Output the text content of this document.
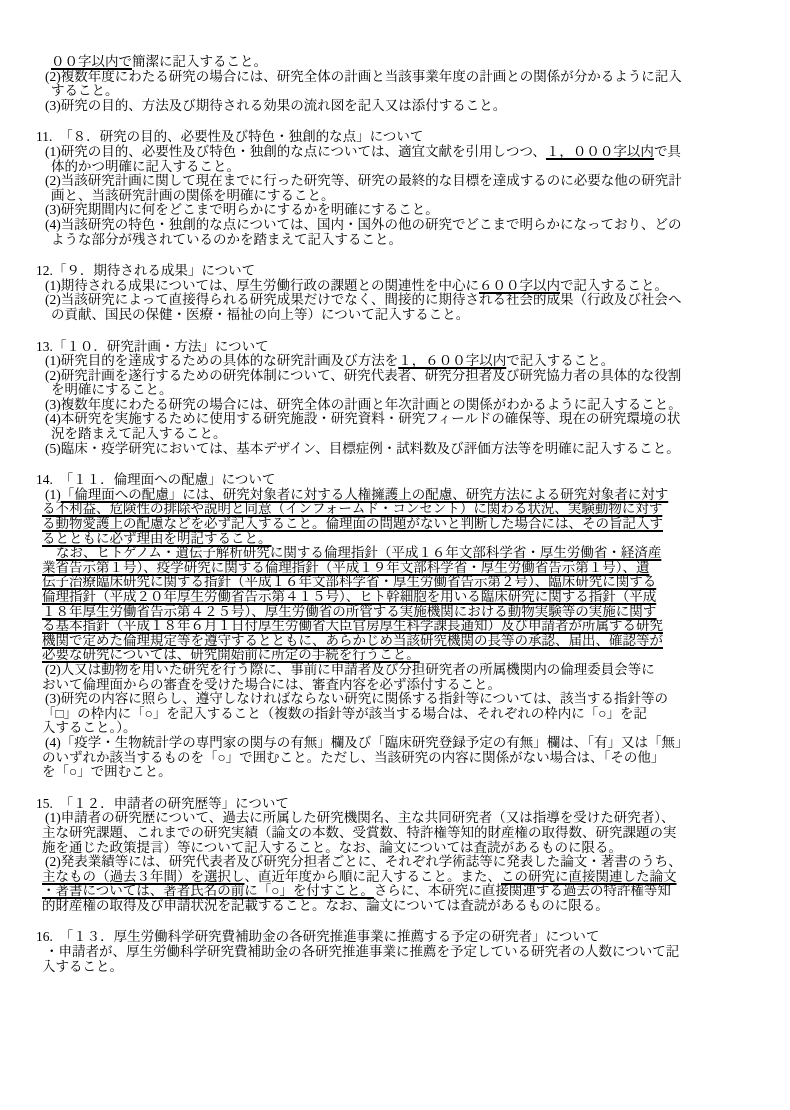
００字以内で簡潔に記入すること。
(2)複数年度にわたる研究の場合には、研究全体の計画と当該事業年度の計画との関係が分かるように記入
すること。
(3)研究の目的、方法及び期待される効果の流れ図を記入又は添付すること。
11.  「８．研究の目的、必要性及び特色・独創的な点」について
(1)研究の目的、必要性及び特色・独創的な点については、適宜文献を引用しつつ、１，０００字以内で具
体的かつ明確に記入すること。
(2)当該研究計画に関して現在までに行った研究等、研究の最終的な目標を達成するのに必要な他の研究計
画と、当該研究計画の関係を明確にすること。
(3)研究期間内に何をどこまで明らかにするかを明確にすること。
(4)当該研究の特色・独創的な点については、国内・国外の他の研究でどこまで明らかになっており、どの
ような部分が残されているのかを踏まえて記入すること。
12.「９．期待される成果」について
(1)期待される成果については、厚生労働行政の課題との関連性を中心に６００字以内で記入すること。
(2)当該研究によって直接得られる研究成果だけでなく、間接的に期待される社会的成果（行政及び社会へ
の貢献、国民の保健・医療・福祉の向上等）について記入すること。
13.「１０．研究計画・方法」について
(1)研究目的を達成するための具体的な研究計画及び方法を１，６００字以内で記入すること。
(2)研究計画を遂行するための研究体制について、研究代表者、研究分担者及び研究協力者の具体的な役割
を明確にすること。
(3)複数年度にわたる研究の場合には、研究全体の計画と年次計画との関係がわかるように記入すること。
(4)本研究を実施するために使用する研究施設・研究資料・研究フィールドの確保等、現在の研究環境の状
況を踏まえて記入すること。
(5)臨床・疫学研究においては、基本デザイン、目標症例・試料数及び評価方法等を明確に記入すること。
14.  「１１．倫理面への配慮」について
(1)「倫理面への配慮」には、研究対象者に対する人権擁護上の配慮、研究方法による研究対象者に対す
る不利益、危険性の排除や説明と同意（インフォームド・コンセント）に関わる状況、実験動物に対す
る動物愛護上の配慮などを必ず記入すること。倫理面の問題がないと判断した場合には、その旨記入す
るとともに必ず理由を明記すること。
なお、ヒトゲノム・遺伝子解析研究に関する倫理指針（平成１６年文部科学省・厚生労働省・経済産
業省告示第１号）、疫学研究に関する倫理指針（平成１９年文部科学省・厚生労働省告示第１号）、遺
伝子治療臨床研究に関する指針（平成１６年文部科学省・厚生労働省告示第２号）、臨床研究に関する
倫理指針（平成２０年厚生労働省告示第４１５号）、ヒト幹細胞を用いる臨床研究に関する指針（平成
１８年厚生労働省告示第４２５号）、厚生労働省の所管する実施機関における動物実験等の実施に関す
る基本指針（平成１８年６月１日付厚生労働省大臣官房厚生科学課長通知）及び申請者が所属する研究
機関で定めた倫理規定等を遵守するとともに、あらかじめ当該研究機関の長等の承認、届出、確認等が
必要な研究については、研究開始前に所定の手続を行うこと。
(2)人又は動物を用いた研究を行う際に、事前に申請者及び分担研究者の所属機関内の倫理委員会等に
おいて倫理面からの審査を受けた場合には、審査内容を必ず添付すること。
(3)研究の内容に照らし、遵守しなければならない研究に関係する指針等については、該当する指針等の
「□」の枠内に「○」を記入すること（複数の指針等が該当する場合は、それぞれの枠内に「○」を記
入すること。）。
(4)「疫学・生物統計学の専門家の関与の有無」欄及び「臨床研究登録予定の有無」欄は、「有」又は「無」
のいずれか該当するものを「○」で囲むこと。ただし、当該研究の内容に関係がない場合は、「その他」
を「○」で囲むこと。
15.  「１２．申請者の研究歴等」について
(1)申請者の研究歴について、過去に所属した研究機関名、主な共同研究者（又は指導を受けた研究者）、
主な研究課題、これまでの研究実績（論文の本数、受賞数、特許権等知的財産権の取得数、研究課題の実
施を通じた政策提言）等について記入すること。なお、論文については査読があるものに限る。
(2)発表業績等には、研究代表者及び研究分担者ごとに、それぞれ学術誌等に発表した論文・著書のうち、
主なもの（過去３年間）を選択し、直近年度から順に記入すること。また、この研究に直接関連した論文
・著書については、著者氏名の前に「○」を付すこと。さらに、本研究に直接関連する過去の特許権等知
的財産権の取得及び申請状況を記載すること。なお、論文については査読があるものに限る。
16.  「１３．厚生労働科学研究費補助金の各研究推進事業に推薦する予定の研究者」について
・申請者が、厚生労働科学研究費補助金の各研究推進事業に推薦を予定している研究者の人数について記
入すること。
